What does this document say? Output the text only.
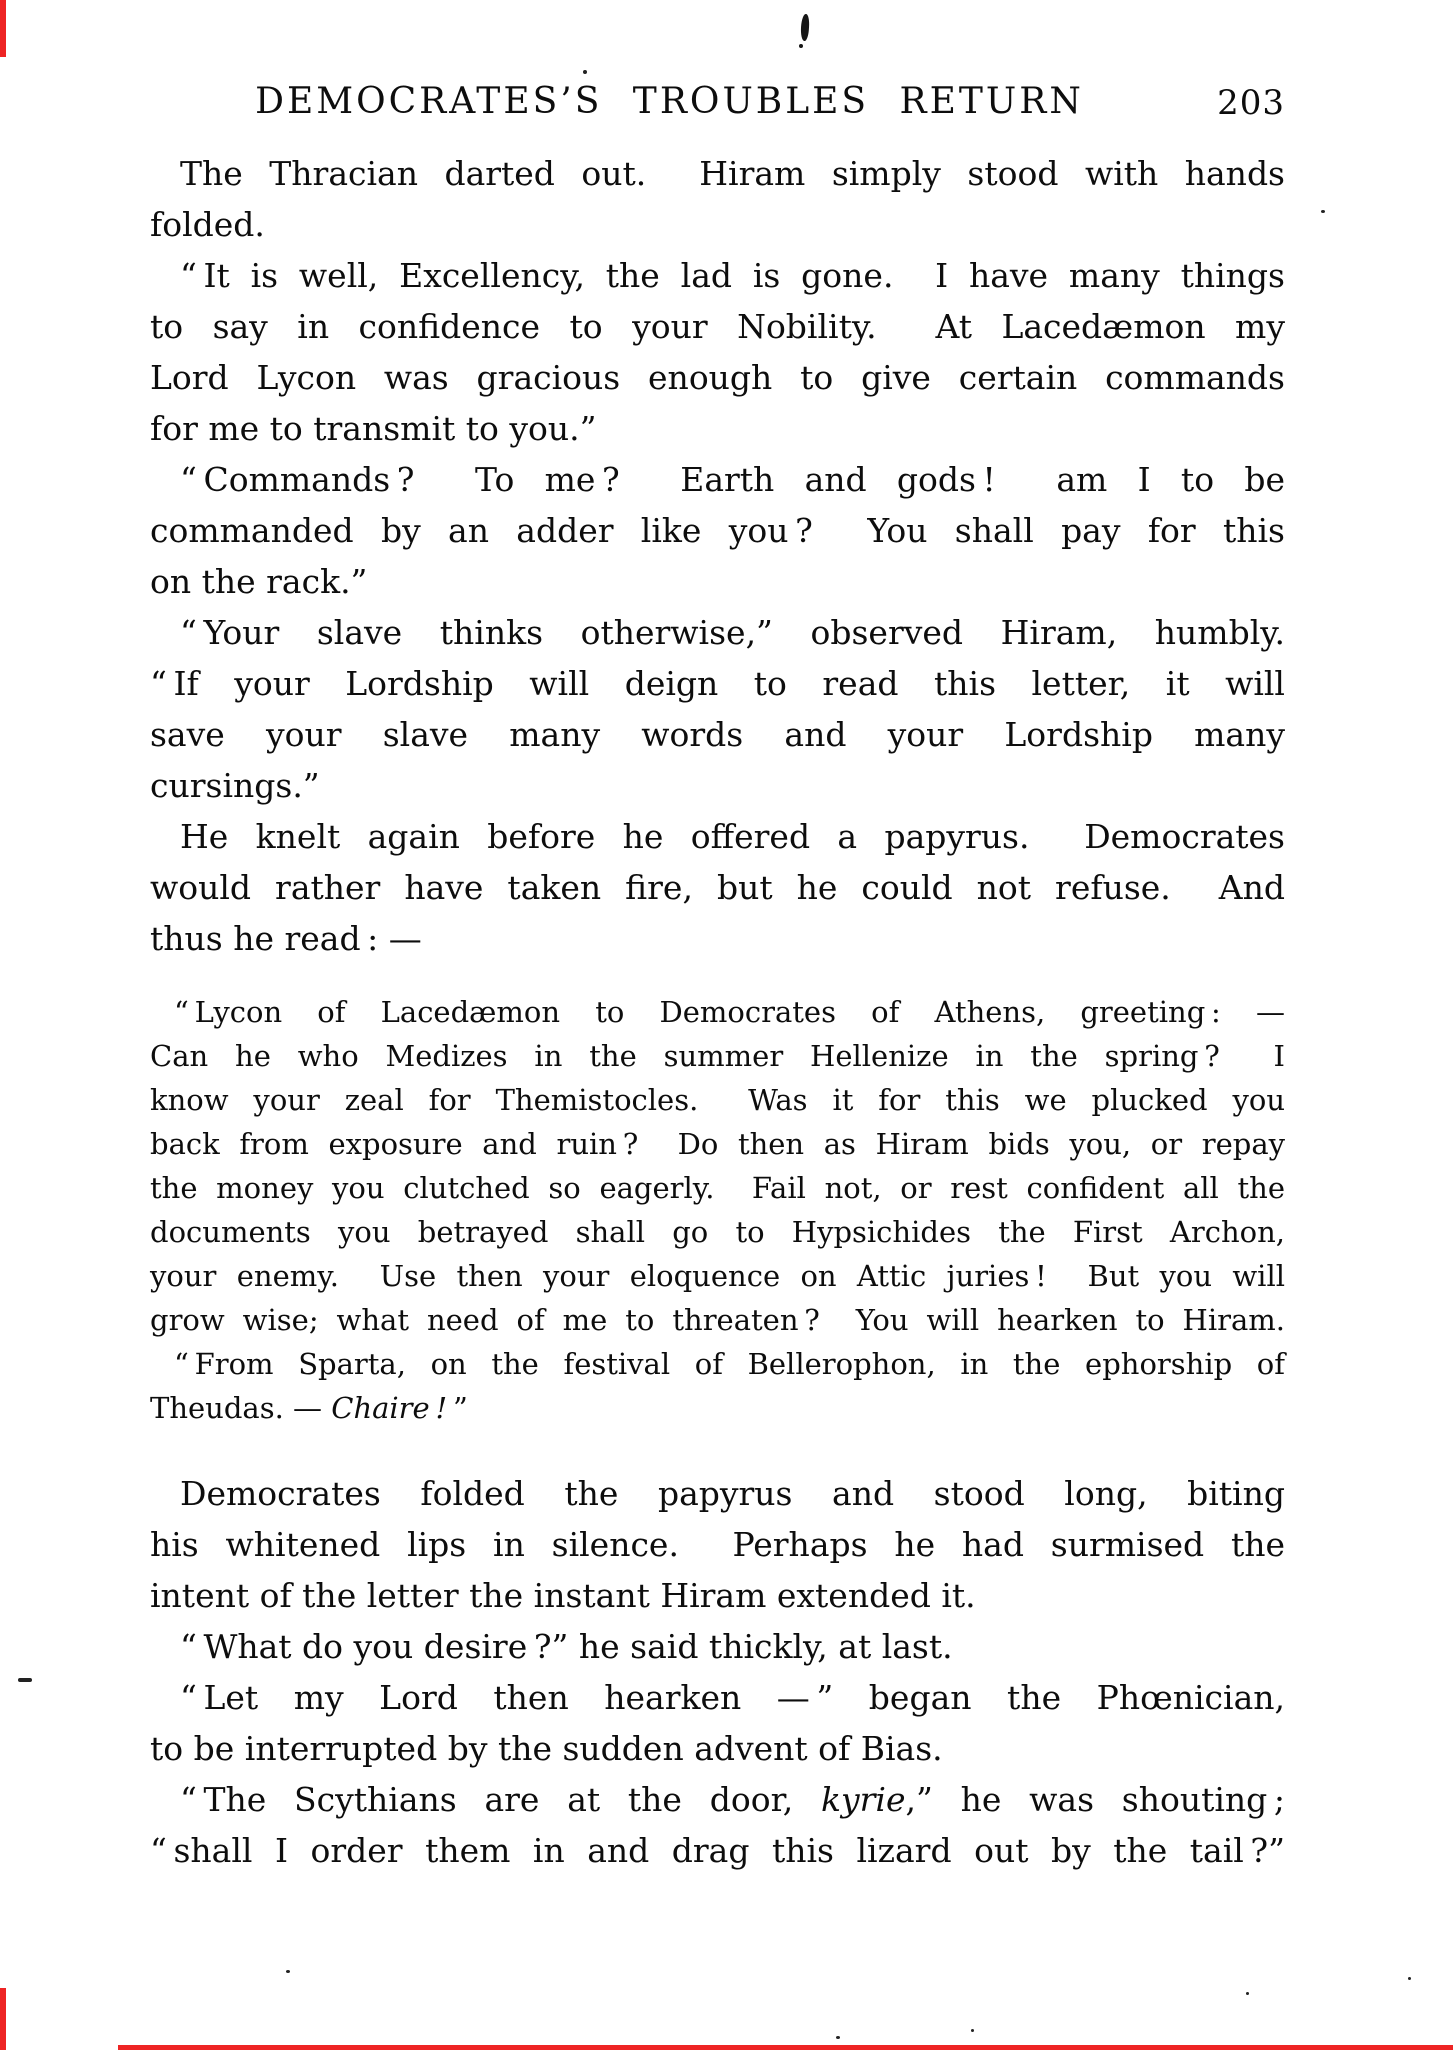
DEMOCRATES’S TROUBLES RETURN	203
The Thracian darted out.  Hiram simply stood with hands
folded.
“ It is well, Excellency, the lad is gone.  I have many things
to say in confidence to your Nobility.  At Lacedæmon my
Lord Lycon was gracious enough to give certain commands
for me to transmit to you.”
“ Commands ?  To me ?  Earth and gods !  am I to be
commanded by an adder like you ?  You shall pay for this
on the rack.”
“ Your slave thinks otherwise,” observed Hiram, humbly.
“ If your Lordship will deign to read this letter, it will
save your slave many words and your Lordship many
cursings.”
He knelt again before he offered a papyrus.  Democrates
would rather have taken fire, but he could not refuse.  And
thus he read : —
“ Lycon of Lacedæmon to Democrates of Athens, greeting : —
Can he who Medizes in the summer Hellenize in the spring ?  I
know your zeal for Themistocles.  Was it for this we plucked you
back from exposure and ruin ?  Do then as Hiram bids you, or repay
the money you clutched so eagerly.  Fail not, or rest confident all the
documents you betrayed shall go to Hypsichides the First Archon,
your enemy.  Use then your eloquence on Attic juries !  But you will
grow wise; what need of me to threaten ?  You will hearken to Hiram.
“ From Sparta, on the festival of Bellerophon, in the ephorship of
Theudas. — Chaire ! ”
Democrates folded the papyrus and stood long, biting
his whitened lips in silence.  Perhaps he had surmised the
intent of the letter the instant Hiram extended it.
“ What do you desire ?” he said thickly, at last.
“ Let my Lord then hearken — ” began the Phœnician,
to be interrupted by the sudden advent of Bias.
“ The Scythians are at the door, kyrie,” he was shouting ;
“ shall I order them in and drag this lizard out by the tail ?”
